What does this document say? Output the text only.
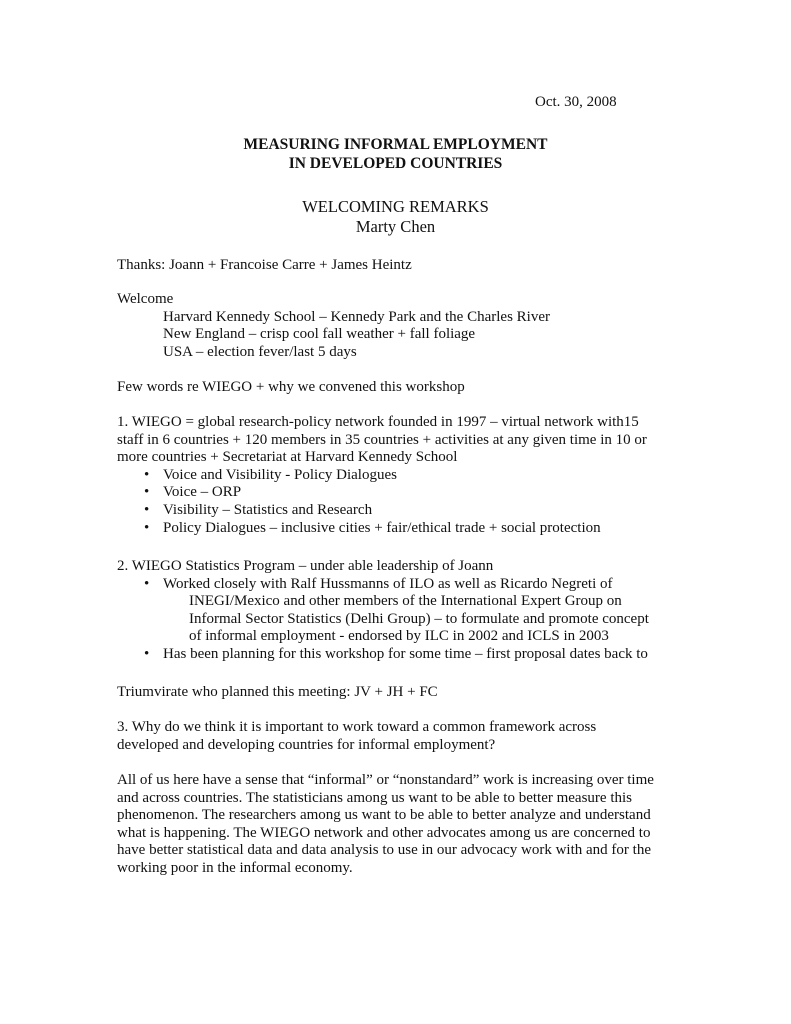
Oct. 30, 2008
MEASURING INFORMAL EMPLOYMENT
IN DEVELOPED COUNTRIES
WELCOMING REMARKS
Marty Chen
Thanks: Joann + Francoise Carre + James Heintz
Welcome
Harvard Kennedy School – Kennedy Park and the Charles River
New England – crisp cool fall weather + fall foliage
USA – election fever/last 5 days
Few words re WIEGO + why we convened this workshop
1. WIEGO = global research-policy network founded in 1997 – virtual network with15
staff in 6 countries + 120 members in 35 countries + activities at any given time in 10 or
more countries + Secretariat at Harvard Kennedy School
• Voice and Visibility - Policy Dialogues
• Voice – ORP
• Visibility – Statistics and Research
• Policy Dialogues – inclusive cities + fair/ethical trade + social protection
2. WIEGO Statistics Program – under able leadership of Joann
• Worked closely with Ralf Hussmanns of ILO as well as Ricardo Negreti of
INEGI/Mexico and other members of the International Expert Group on
Informal Sector Statistics (Delhi Group) – to formulate and promote concept
of informal employment - endorsed by ILC in 2002 and ICLS in 2003
• Has been planning for this workshop for some time – first proposal dates back to
Triumvirate who planned this meeting: JV + JH + FC
3. Why do we think it is important to work toward a common framework across
developed and developing countries for informal employment?
All of us here have a sense that “informal” or “nonstandard” work is increasing over time
and across countries. The statisticians among us want to be able to better measure this
phenomenon. The researchers among us want to be able to better analyze and understand
what is happening. The WIEGO network and other advocates among us are concerned to
have better statistical data and data analysis to use in our advocacy work with and for the
working poor in the informal economy.
